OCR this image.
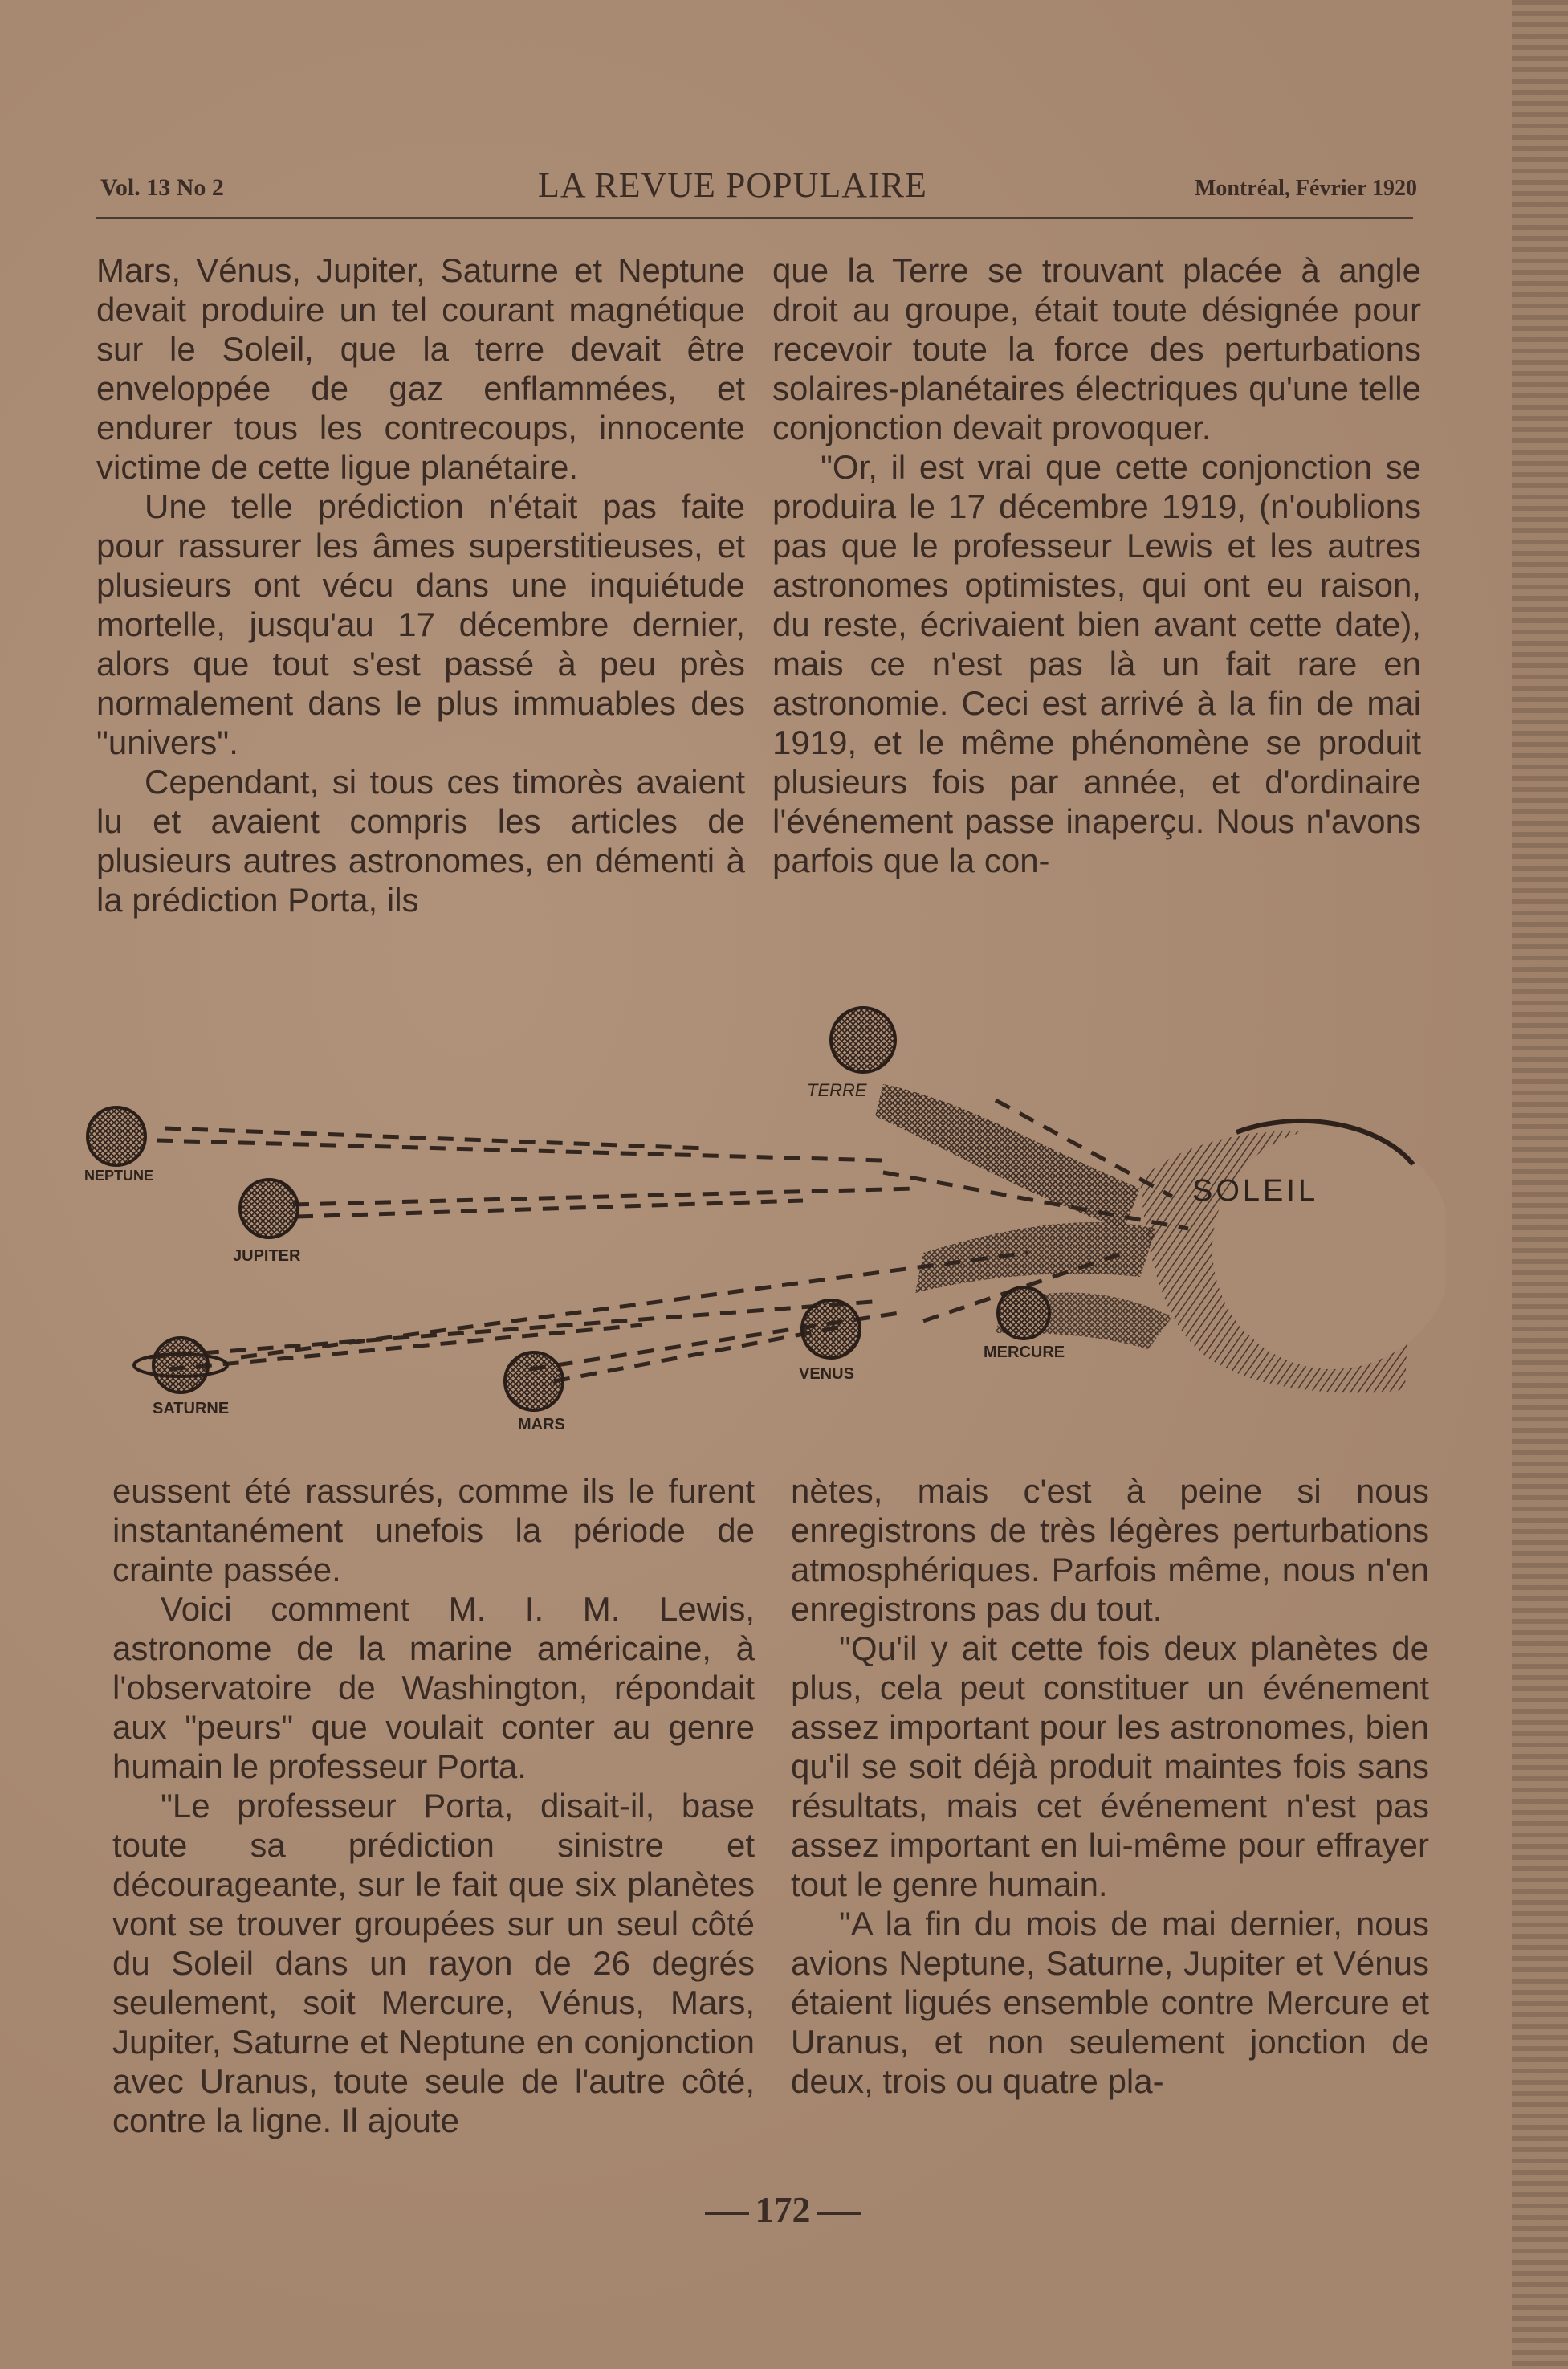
Vol. 13 No 2	LA REVUE POPULAIRE	Montréal, Février 1920

Mars, Vénus, Jupiter, Saturne et Neptune devait produire un tel courant magnétique sur le Soleil, que la terre devait être enveloppée de gaz enflammées, et endurer tous les contrecoups, innocente victime de cette ligue planétaire.

Une telle prédiction n'était pas faite pour rassurer les âmes superstitieuses, et plusieurs ont vécu dans une inquiétude mortelle, jusqu'au 17 décembre dernier, alors que tout s'est passé à peu près normalement dans le plus immuables des "univers".

Cependant, si tous ces timorès avaient lu et avaient compris les articles de plusieurs autres astronomes, en démenti à la prédiction Porta, ils

que la Terre se trouvant placée à angle droit au groupe, était toute désignée pour recevoir toute la force des perturbations solaires-planétaires électriques qu'une telle conjonction devait provoquer.

"Or, il est vrai que cette conjonction se produira le 17 décembre 1919, (n'oublions pas que le professeur Lewis et les autres astronomes optimistes, qui ont eu raison, du reste, écrivaient bien avant cette date), mais ce n'est pas là un fait rare en astronomie. Ceci est arrivé à la fin de mai 1919, et le même phénomène se produit plusieurs fois par année, et d'ordinaire l'événement passe inaperçu. Nous n'avons parfois que la con-

TERRE
NEPTUNE
JUPITER
SATURNE
MARS
VENUS
MERCURE
SOLEIL

eussent été rassurés, comme ils le furent instantanément unefois la période de crainte passée.

Voici comment M. I. M. Lewis, astronome de la marine américaine, à l'observatoire de Washington, répondait aux "peurs" que voulait conter au genre humain le professeur Porta.

"Le professeur Porta, disait-il, base toute sa prédiction sinistre et décourageante, sur le fait que six planètes vont se trouver groupées sur un seul côté du Soleil dans un rayon de 26 degrés seulement, soit Mercure, Vénus, Mars, Jupiter, Saturne et Neptune en conjonction avec Uranus, toute seule de l'autre côté, contre la ligne. Il ajoute

nètes, mais c'est à peine si nous enregistrons de très légères perturbations atmosphériques. Parfois même, nous n'en enregistrons pas du tout.

"Qu'il y ait cette fois deux planètes de plus, cela peut constituer un événement assez important pour les astronomes, bien qu'il se soit déjà produit maintes fois sans résultats, mais cet événement n'est pas assez important en lui-même pour effrayer tout le genre humain.

"A la fin du mois de mai dernier, nous avions Neptune, Saturne, Jupiter et Vénus étaient ligués ensemble contre Mercure et Uranus, et non seulement jonction de deux, trois ou quatre pla-

172
